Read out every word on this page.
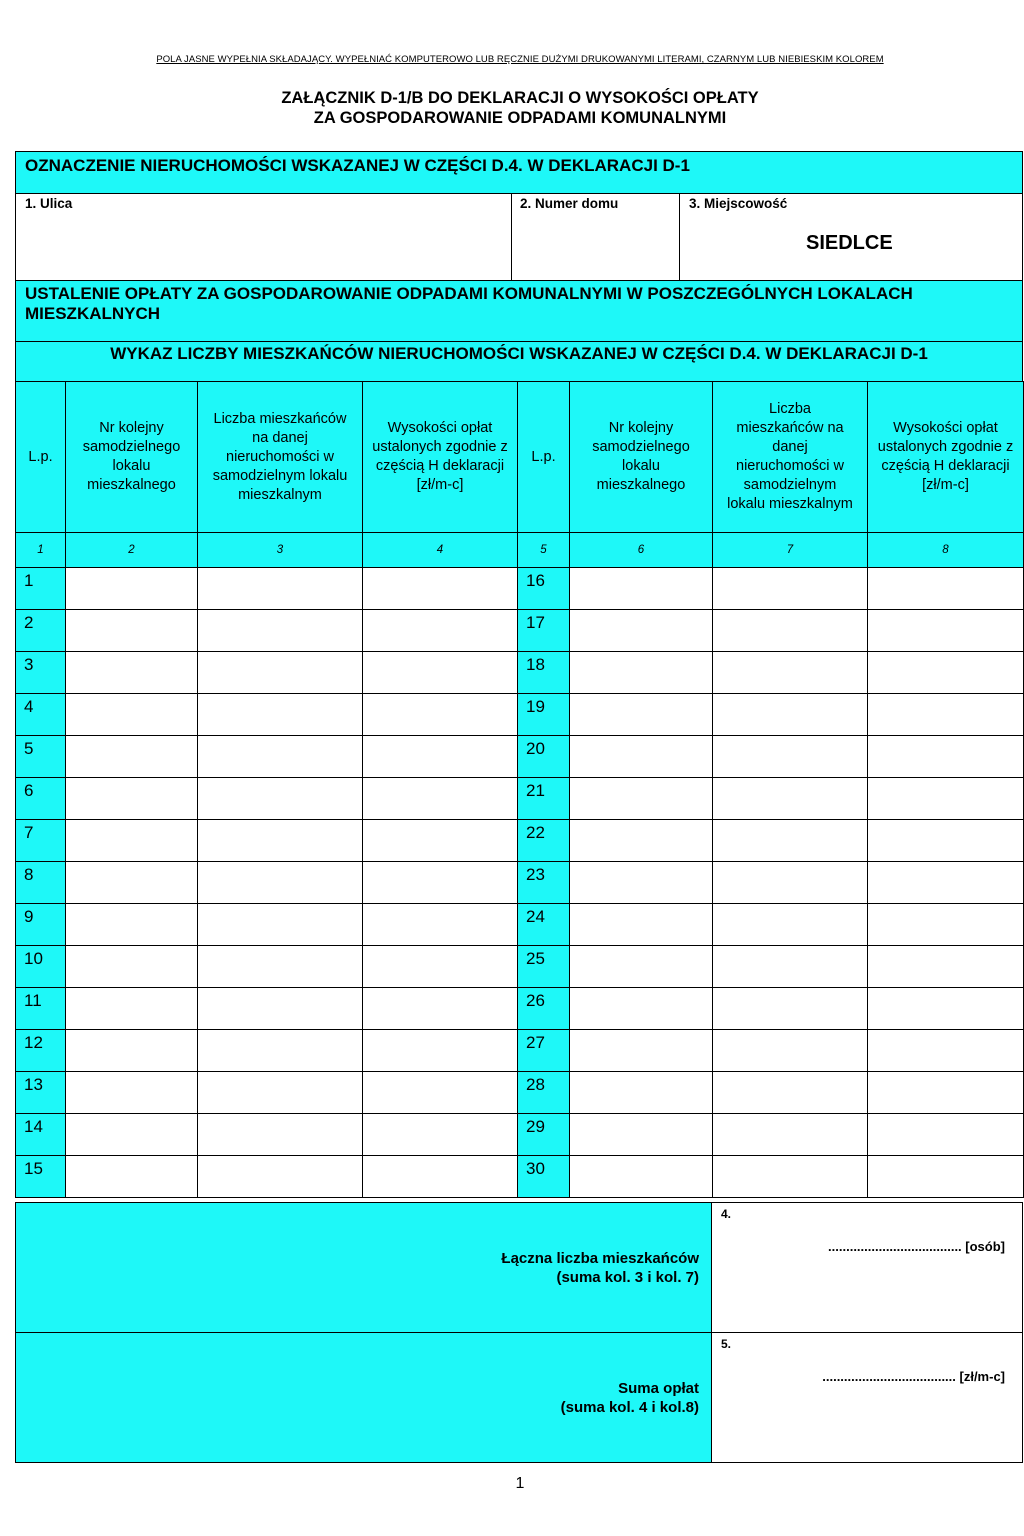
POLA JASNE WYPEŁNIA SKŁADAJĄCY. WYPEŁNIAĆ KOMPUTEROWO LUB RĘCZNIE DUŻYMI DRUKOWANYMI LITERAMI, CZARNYM LUB NIEBIESKIM KOLOREM
ZAŁĄCZNIK D-1/B DO DEKLARACJI O WYSOKOŚCI OPŁATY
ZA GOSPODAROWANIE ODPADAMI KOMUNALNYMI
OZNACZENIE NIERUCHOMOŚCI WSKAZANEJ W CZĘŚCI D.4. W DEKLARACJI D-1
1. Ulica	2. Numer domu	3. Miejscowość
SIEDLCE
USTALENIE OPŁATY ZA GOSPODAROWANIE ODPADAMI KOMUNALNYMI W POSZCZEGÓLNYCH LOKALACH MIESZKALNYCH
WYKAZ LICZBY MIESZKAŃCÓW NIERUCHOMOŚCI WSKAZANEJ W CZĘŚCI D.4. W DEKLARACJI D-1
L.p.	Nr kolejny samodzielnego lokalu mieszkalnego	Liczba mieszkańców na danej nieruchomości w samodzielnym lokalu mieszkalnym	Wysokości opłat ustalonych zgodnie z częścią H deklaracji [zł/m-c]	L.p.	Nr kolejny samodzielnego lokalu mieszkalnego	Liczba mieszkańców na danej nieruchomości w samodzielnym lokalu mieszkalnym	Wysokości opłat ustalonych zgodnie z częścią H deklaracji [zł/m-c]
1	2	3	4	5	6	7	8
1				16			
2				17			
3				18			
4				19			
5				20			
6				21			
7				22			
8				23			
9				24			
10				25			
11				26			
12				27			
13				28			
14				29			
15				30			
Łączna liczba mieszkańców
(suma kol. 3 i kol. 7)
4.
..................................... [osób]
Suma opłat
(suma kol. 4 i kol.8)
5.
..................................... [zł/m-c]
1
